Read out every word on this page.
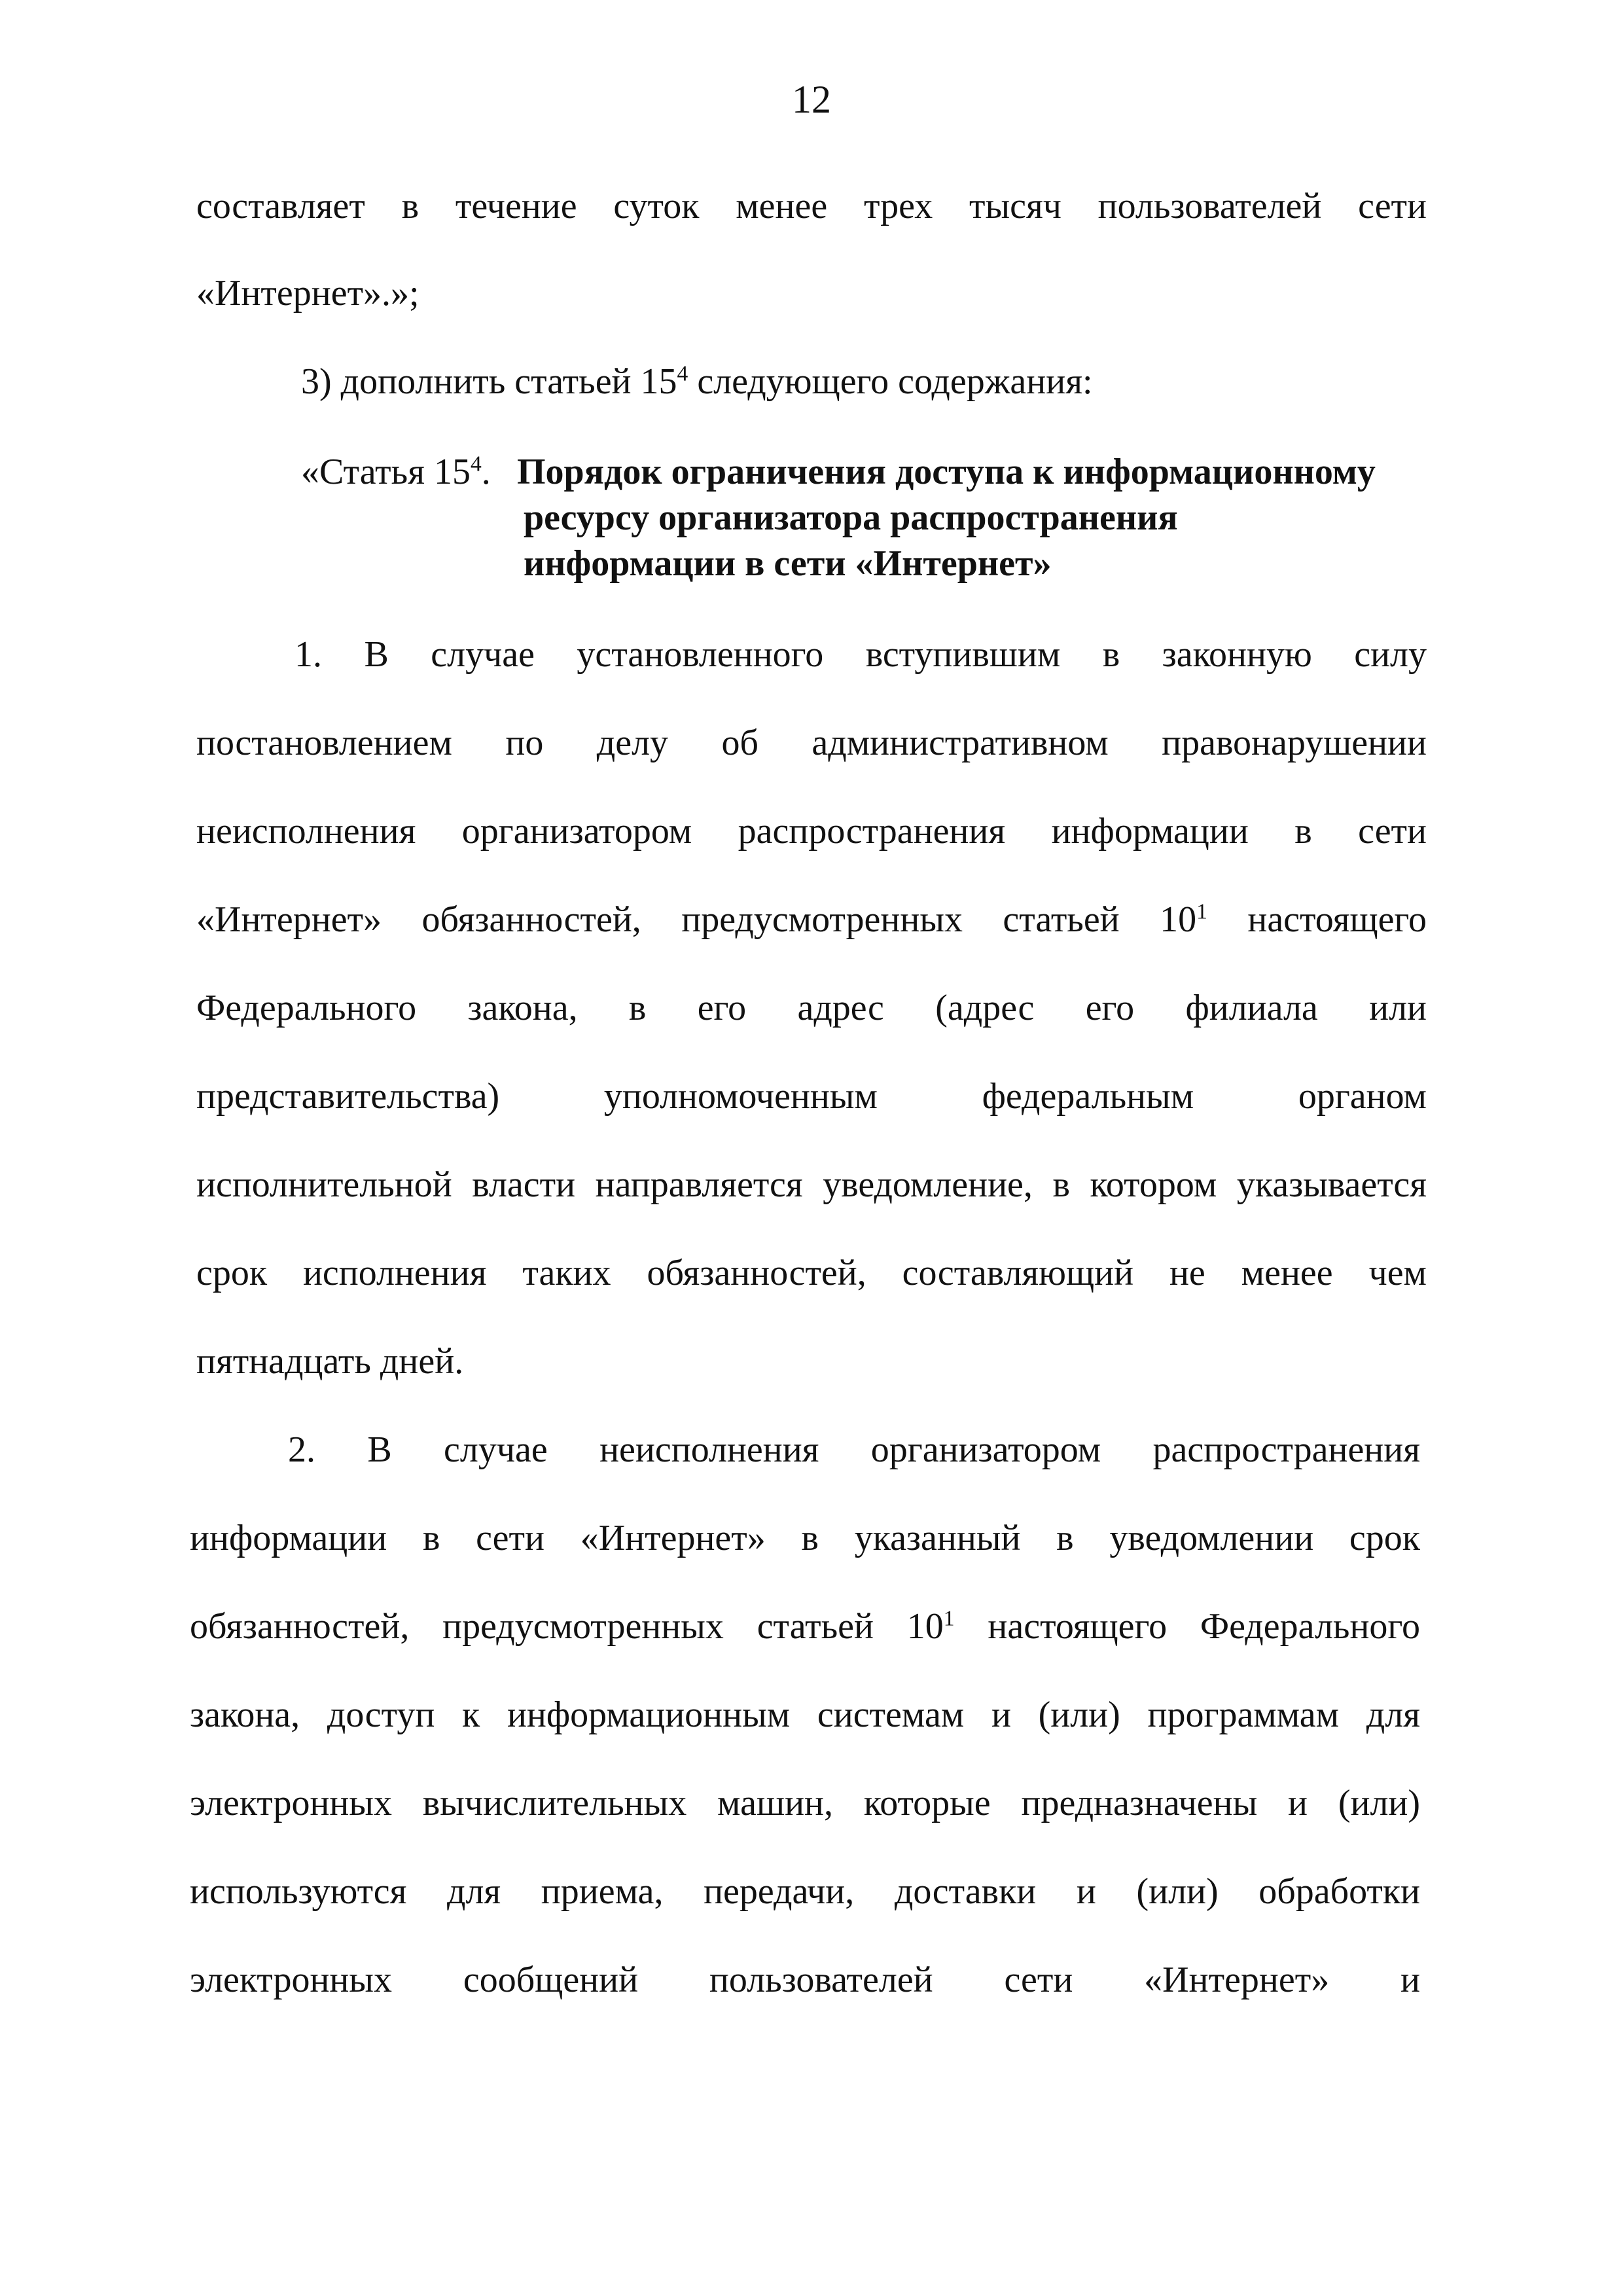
12
составляет в течение суток менее трех тысяч пользователей сети
«Интернет».»;
3) дополнить статьей $15^4$ следующего содержания:
«Статья $15^4$. Порядок ограничения доступа к информационному
ресурсу организатора распространения
информации в сети «Интернет»
1. В случае установленного вступившим в законную силу
постановлением по делу об административном правонарушении
неисполнения организатором распространения информации в сети
«Интернет» обязанностей, предусмотренных статьей $10^1$ настоящего
Федерального закона, в его адрес (адрес его филиала или
представительства) уполномоченным федеральным органом
исполнительной власти направляется уведомление, в котором указывается
срок исполнения таких обязанностей, составляющий не менее чем
пятнадцать дней.
2. В случае неисполнения организатором распространения
информации в сети «Интернет» в указанный в уведомлении срок
обязанностей, предусмотренных статьей $10^1$ настоящего Федерального
закона, доступ к информационным системам и (или) программам для
электронных вычислительных машин, которые предназначены и (или)
используются для приема, передачи, доставки и (или) обработки
электронных сообщений пользователей сети «Интернет» и
